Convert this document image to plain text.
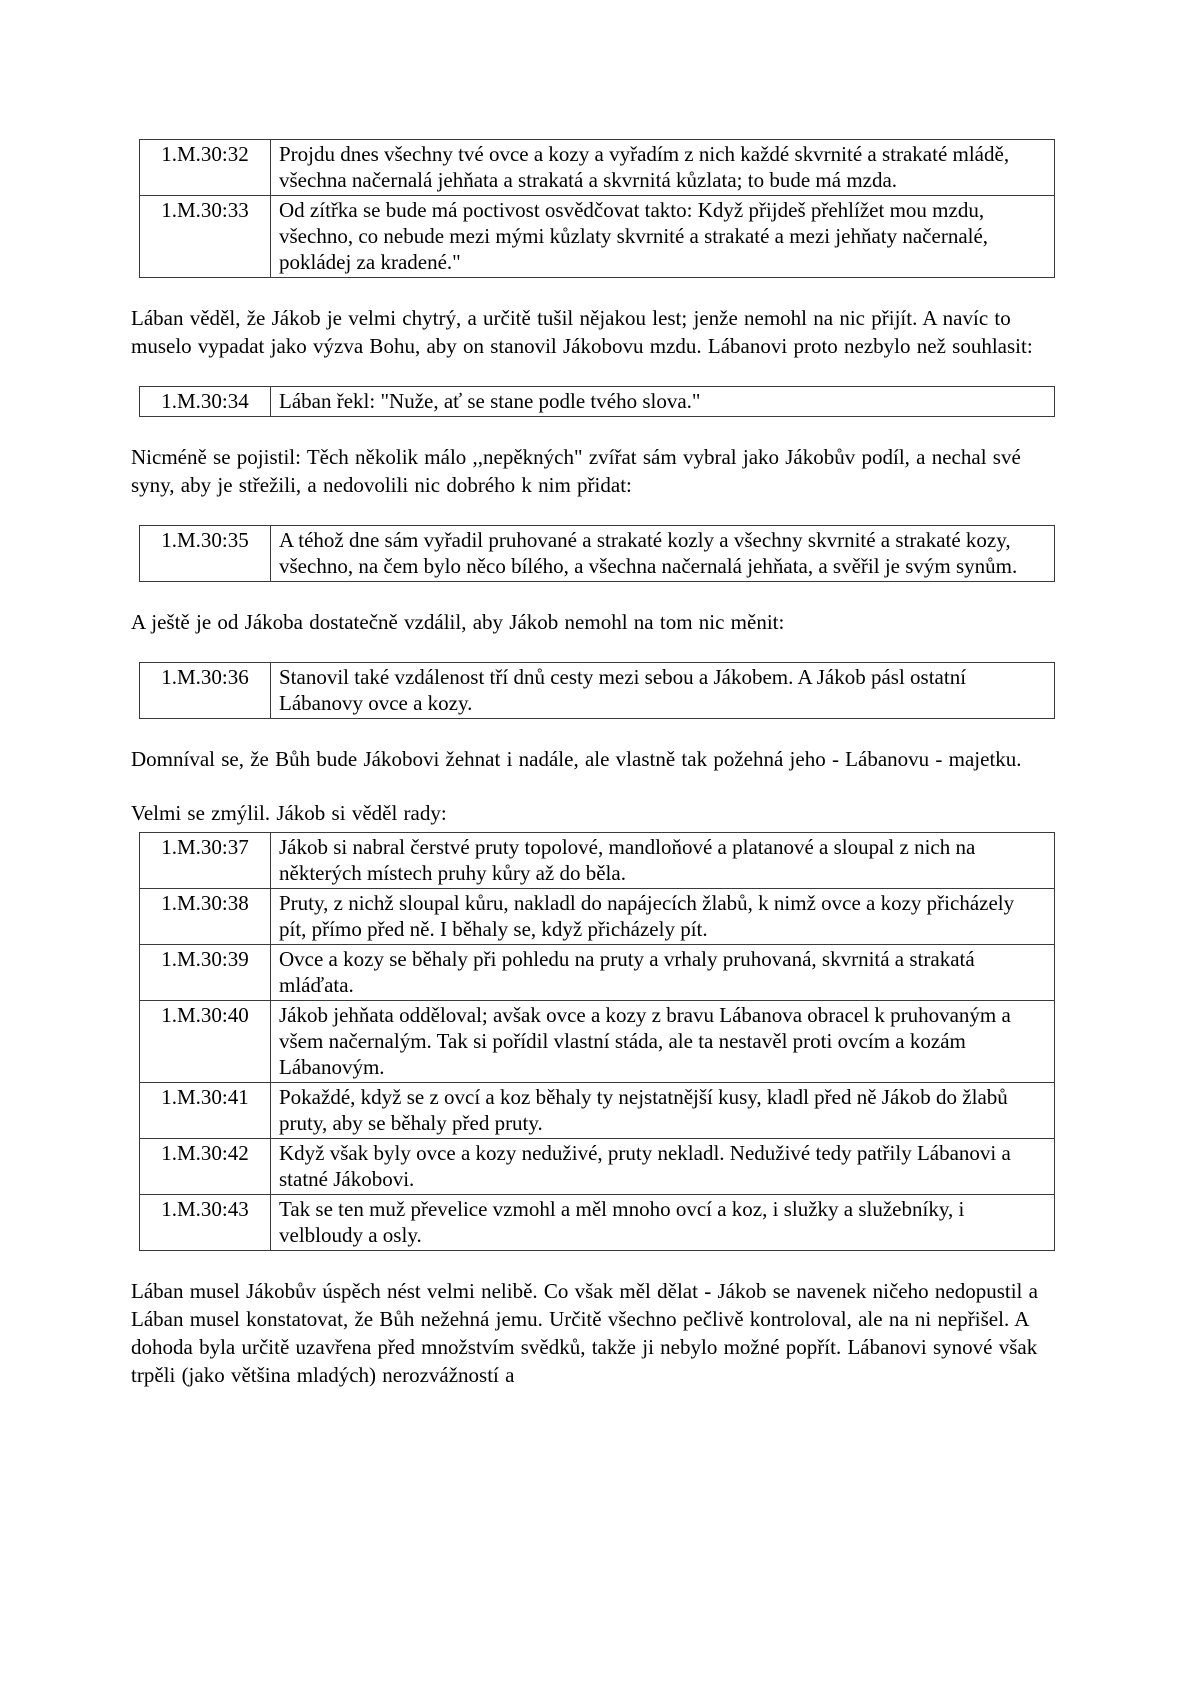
1.M.30:32	Projdu dnes všechny tvé ovce a kozy a vyřadím z nich každé skvrnité a strakaté mládě, všechna načernalá jehňata a strakatá a skvrnitá kůzlata; to bude má mzda.
1.M.30:33	Od zítřka se bude má poctivost osvědčovat takto: Když přijdeš přehlížet mou mzdu, všechno, co nebude mezi mými kůzlaty skvrnité a strakaté a mezi jehňaty načernalé, pokládej za kradené."

Lában věděl, že Jákob je velmi chytrý, a určitě tušil nějakou lest; jenže nemohl na nic přijít. A navíc to muselo vypadat jako výzva Bohu, aby on stanovil Jákobovu mzdu. Lábanovi proto nezbylo než souhlasit:

1.M.30:34	Lában řekl: "Nuže, ať se stane podle tvého slova."

Nicméně se pojistil: Těch několik málo ,,nepěkných" zvířat sám vybral jako Jákobův podíl, a nechal své syny, aby je střežili, a nedovolili nic dobrého k nim přidat:

1.M.30:35	A téhož dne sám vyřadil pruhované a strakaté kozly a všechny skvrnité a strakaté kozy, všechno, na čem bylo něco bílého, a všechna načernalá jehňata, a svěřil je svým synům.

A ještě je od Jákoba dostatečně vzdálil, aby Jákob nemohl na tom nic měnit:

1.M.30:36	Stanovil také vzdálenost tří dnů cesty mezi sebou a Jákobem. A Jákob pásl ostatní Lábanovy ovce a kozy.

Domníval se, že Bůh bude Jákobovi žehnat i nadále, ale vlastně tak požehná jeho - Lábanovu - majetku.

Velmi se zmýlil. Jákob si věděl rady:

1.M.30:37	Jákob si nabral čerstvé pruty topolové, mandloňové a platanové a sloupal z nich na některých místech pruhy kůry až do běla.
1.M.30:38	Pruty, z nichž sloupal kůru, nakladl do napájecích žlabů, k nimž ovce a kozy přicházely pít, přímo před ně. I běhaly se, když přicházely pít.
1.M.30:39	Ovce a kozy se běhaly při pohledu na pruty a vrhaly pruhovaná, skvrnitá a strakatá mláďata.
1.M.30:40	Jákob jehňata odděloval; avšak ovce a kozy z bravu Lábanova obracel k pruhovaným a všem načernalým. Tak si pořídil vlastní stáda, ale ta nestavěl proti ovcím a kozám Lábanovým.
1.M.30:41	Pokaždé, když se z ovcí a koz běhaly ty nejstatnější kusy, kladl před ně Jákob do žlabů pruty, aby se běhaly před pruty.
1.M.30:42	Když však byly ovce a kozy neduživé, pruty nekladl. Neduživé tedy patřily Lábanovi a statné Jákobovi.
1.M.30:43	Tak se ten muž převelice vzmohl a měl mnoho ovcí a koz, i služky a služebníky, i velbloudy a osly.

Lában musel Jákobův úspěch nést velmi nelibě. Co však měl dělat - Jákob se navenek ničeho nedopustil a Lában musel konstatovat, že Bůh nežehná jemu. Určitě všechno pečlivě kontroloval, ale na ni nepřišel. A dohoda byla určitě uzavřena před množstvím svědků, takže ji nebylo možné popřít. Lábanovi synové však trpěli (jako většina mladých) nerozvážností a
